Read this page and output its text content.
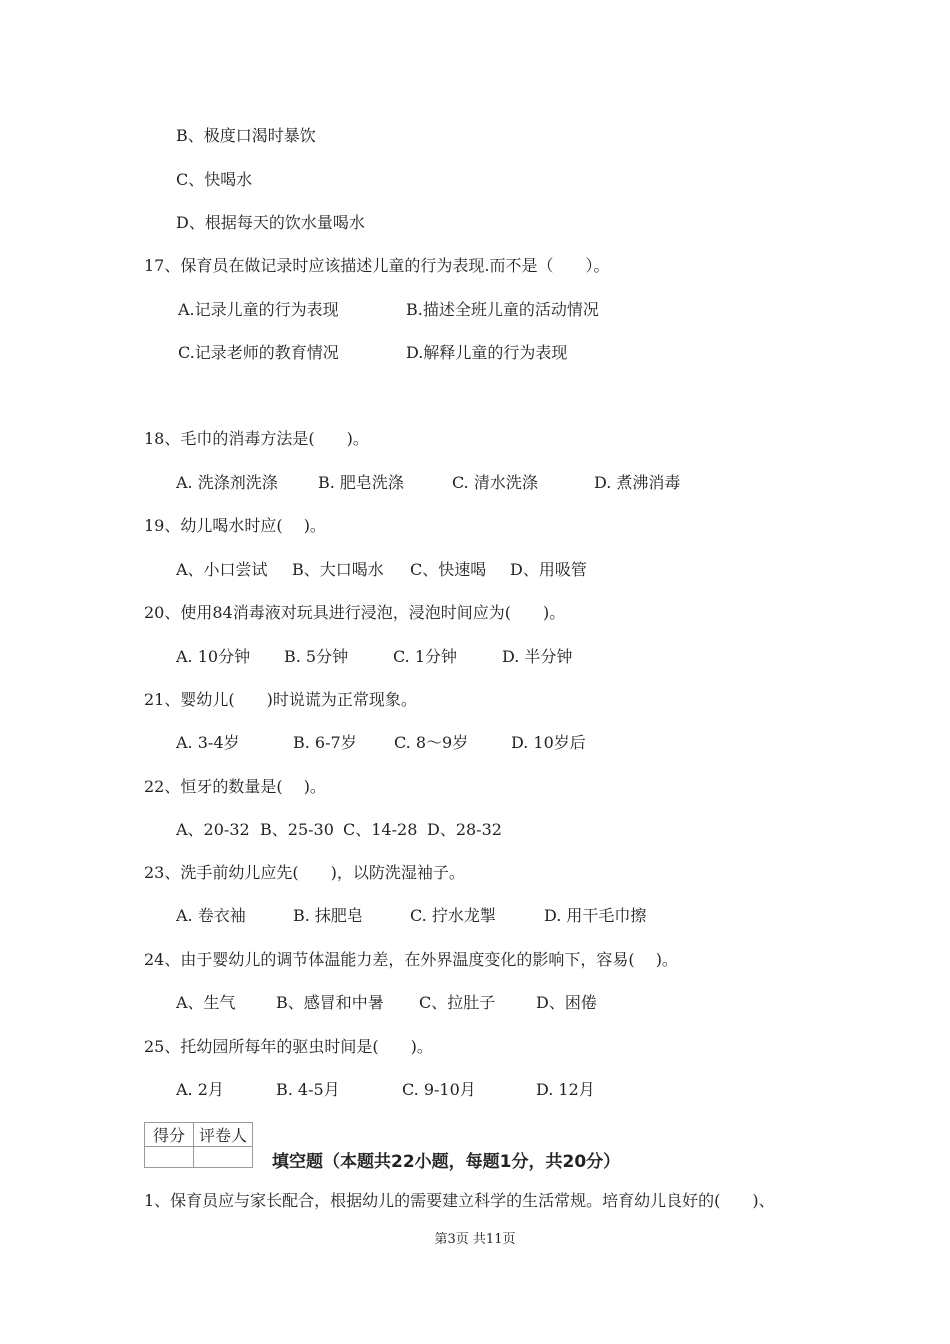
B、极度口渴时暴饮
C、快喝水
D、根据每天的饮水量喝水
17、保育员在做记录时应该描述儿童的行为表现.而不是（　　）。
A.记录儿童的行为表现	B.描述全班儿童的活动情况
C.记录老师的教育情况	D.解释儿童的行为表现
18、毛巾的消毒方法是(　　)。
A. 洗涤剂洗涤	B. 肥皂洗涤	C. 清水洗涤	D. 煮沸消毒
19、幼儿喝水时应(　 )。
A、小口尝试 B、大口喝水 C、快速喝 D、用吸管
20、使用84消毒液对玩具进行浸泡，浸泡时间应为(　　)。
A. 10分钟 B. 5分钟	C. 1分钟	D. 半分钟
21、婴幼儿(　　)时说谎为正常现象。
A. 3-4岁	B. 6-7岁 C. 8～9岁	D. 10岁后
22、恒牙的数量是(　 )。
A、20-32 B、25-30 C、14-28 D、28-32
23、洗手前幼儿应先(　　)，以防洗湿袖子。
A. 卷衣袖	B. 抹肥皂	C. 拧水龙掣	D. 用干毛巾擦
24、由于婴幼儿的调节体温能力差，在外界温度变化的影响下，容易(　 )。
A、生气	B、感冒和中暑 C、拉肚子	D、困倦
25、托幼园所每年的驱虫时间是(　　)。
A. 2月	B. 4-5月	C. 9-10月	D. 12月
得分	评卷人

填空题（本题共22小题，每题1分，共20分）
1、保育员应与家长配合，根据幼儿的需要建立科学的生活常规。培育幼儿良好的(　　)、
第3页 共11页
